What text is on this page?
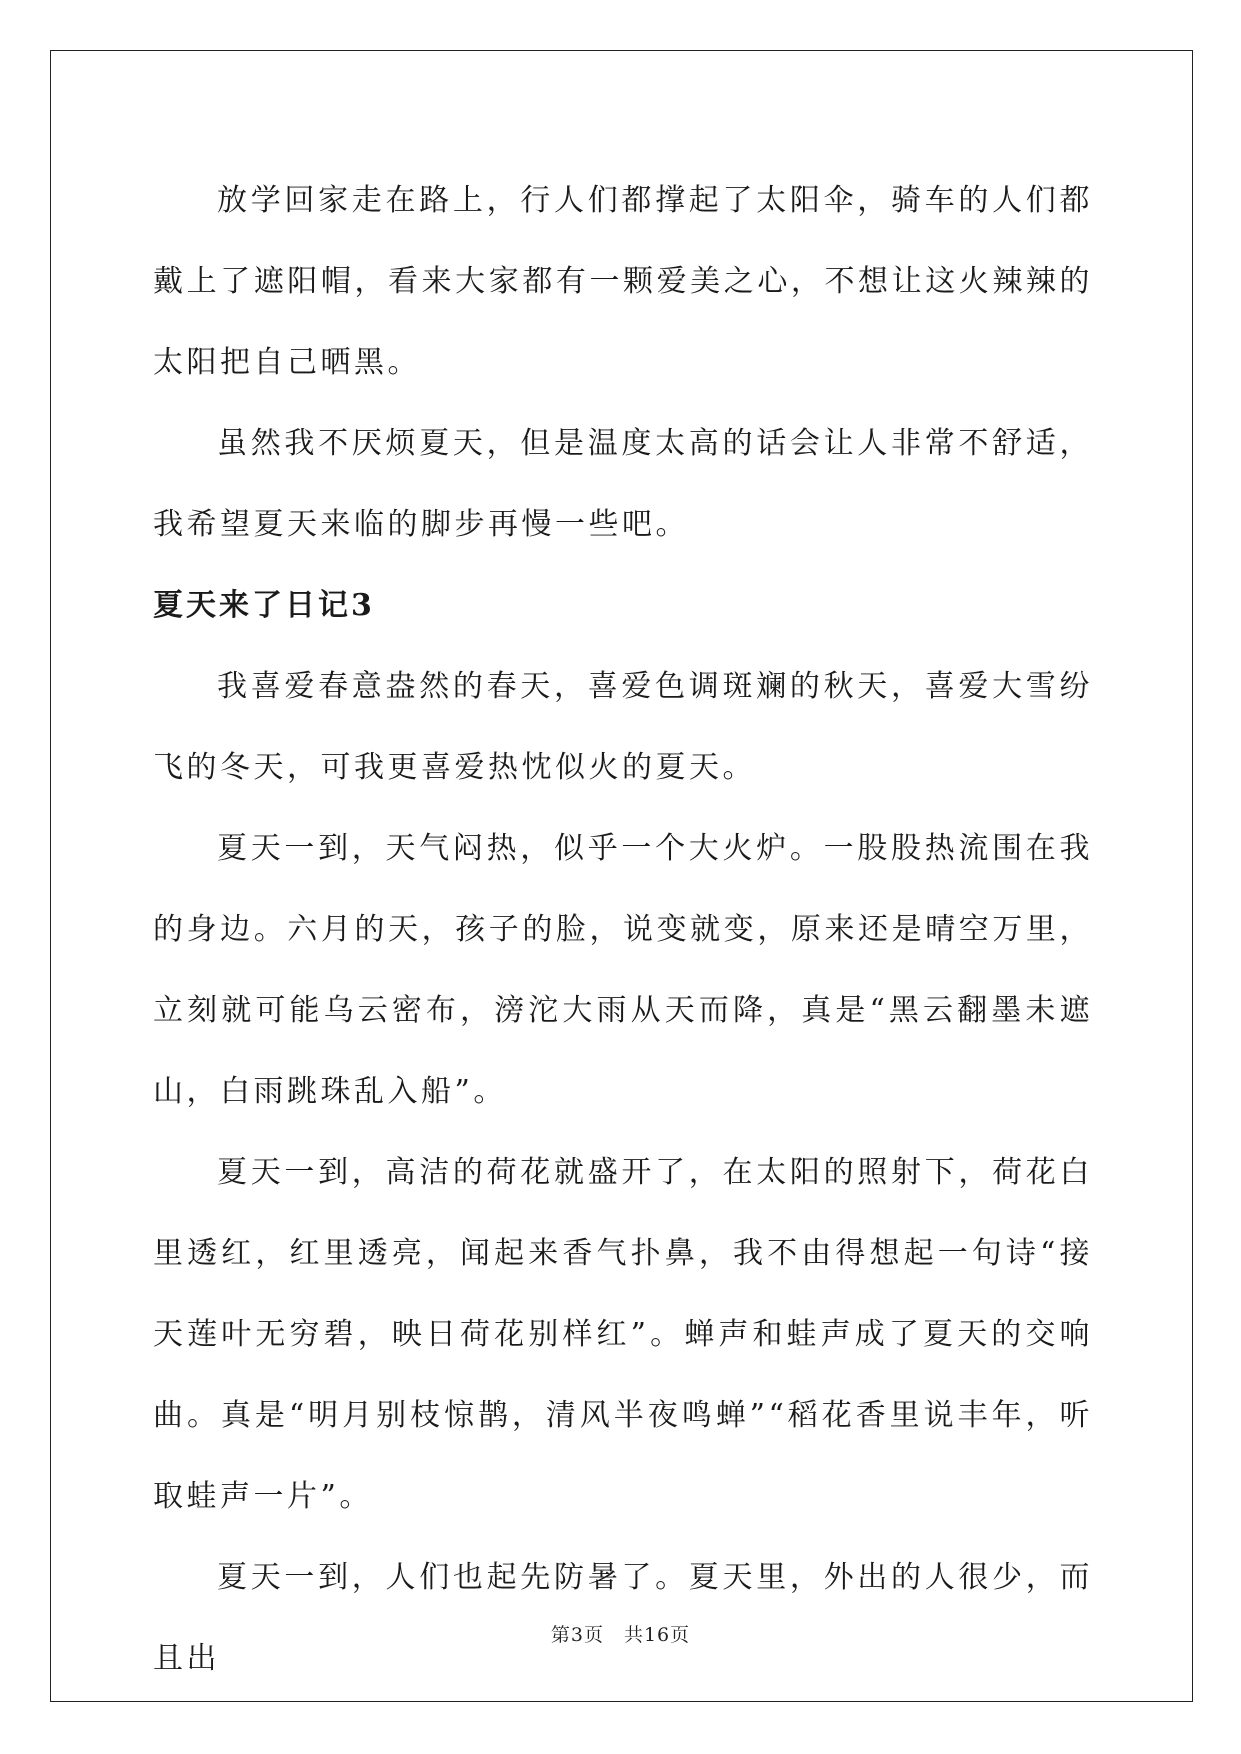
放学回家走在路上，行人们都撑起了太阳伞，骑车的人们都戴上了遮阳帽，看来大家都有一颗爱美之心，不想让这火辣辣的太阳把自己晒黑。

虽然我不厌烦夏天，但是温度太高的话会让人非常不舒适，我希望夏天来临的脚步再慢一些吧。

夏天来了日记3

我喜爱春意盎然的春天，喜爱色调斑斓的秋天，喜爱大雪纷飞的冬天，可我更喜爱热忱似火的夏天。

夏天一到，天气闷热，似乎一个大火炉。一股股热流围在我的身边。六月的天，孩子的脸，说变就变，原来还是晴空万里，立刻就可能乌云密布，滂沱大雨从天而降，真是“黑云翻墨未遮山，白雨跳珠乱入船”。

夏天一到，高洁的荷花就盛开了，在太阳的照射下，荷花白里透红，红里透亮，闻起来香气扑鼻，我不由得想起一句诗“接天莲叶无穷碧，映日荷花别样红”。蝉声和蛙声成了夏天的交响曲。真是“明月别枝惊鹊，清风半夜鸣蝉”“稻花香里说丰年，听取蛙声一片”。

夏天一到，人们也起先防暑了。夏天里，外出的人很少，而且出

第3页　共16页
